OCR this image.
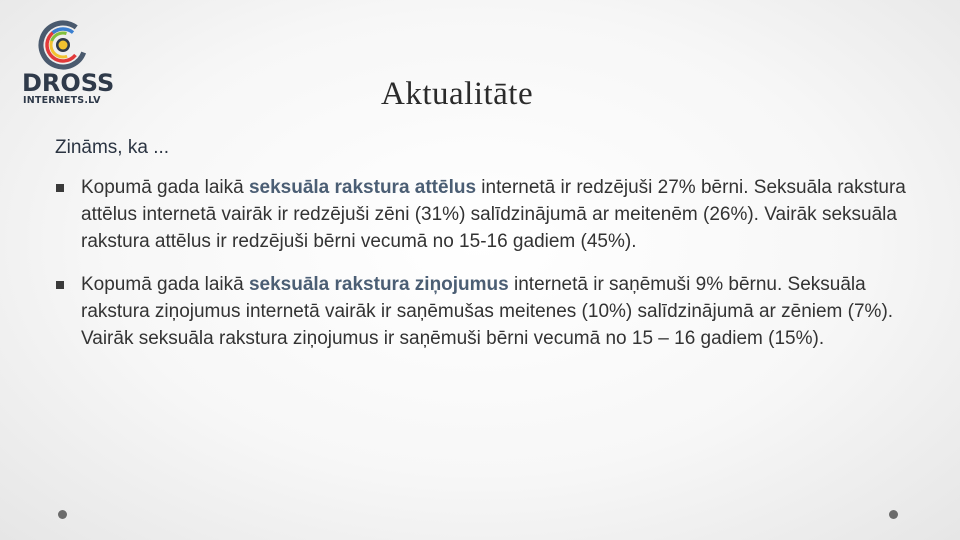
DROSS
INTERNETS.LV	Aktualitāte

Zināms, ka ...

Kopumā gada laikā seksuāla rakstura attēlus internetā ir redzējuši 27% bērni. Seksuāla rakstura attēlus internetā vairāk ir redzējuši zēni (31%) salīdzinājumā ar meitenēm (26%). Vairāk seksuāla rakstura attēlus ir redzējuši bērni vecumā no 15-16 gadiem (45%).
Kopumā gada laikā seksuāla rakstura ziņojumus internetā ir saņēmuši 9% bērnu. Seksuāla rakstura ziņojumus internetā vairāk ir saņēmušas meitenes (10%) salīdzinājumā ar zēniem (7%). Vairāk seksuāla rakstura ziņojumus ir saņēmuši bērni vecumā no 15 – 16 gadiem (15%).
